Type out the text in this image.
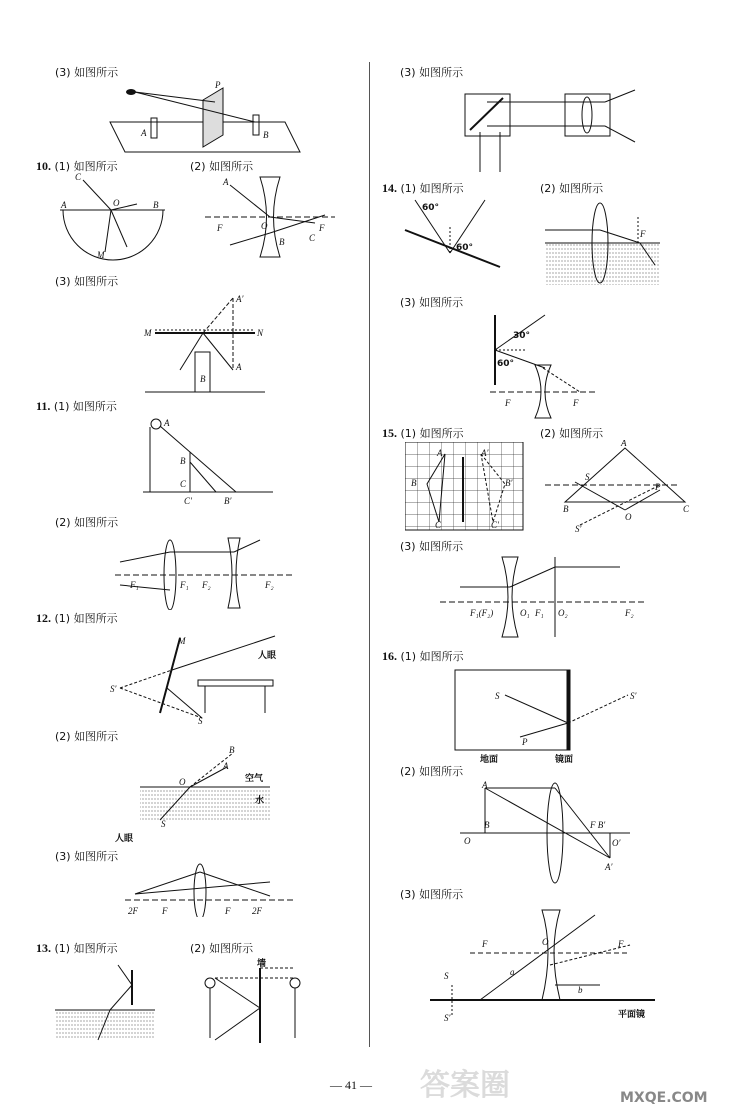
(3) 如图所示
A	B
P
10. (1) 如图所示	(2) 如图所示
C
A	O	B
M
A
F	O
B	C
F
(3) 如图所示
M	N
A′
A
B
11. (1) 如图所示
A
B
C
C′	B′
(2) 如图所示
F₁	F₁ F₂	F₂
12. (1) 如图所示
S′
M
S
人眼
(2) 如图所示
B
A
O
S
空气
水
人眼
(3) 如图所示
2F	F	F 2F
13. (1) 如图所示	(2) 如图所示
墙
(3) 如图所示
14. (1) 如图所示	(2) 如图所示
60°
60°
F
(3) 如图所示
30°
60°
F	F
15. (1) 如图所示	(2) 如图所示
A
B
C
A′
B′
C′
A
B	C
O
P
S
S′
(3) 如图所示
F₁(F₂)	O₁ F₁ O₂	F₂
16. (1) 如图所示
S	S′
P
地面	镜面
(2) 如图所示
A
B
O
F B′
O′
A′
(3) 如图所示
F	O	F
a
b
S
S′	平面镜
— 41 — 答案圈	MXQE.COM
